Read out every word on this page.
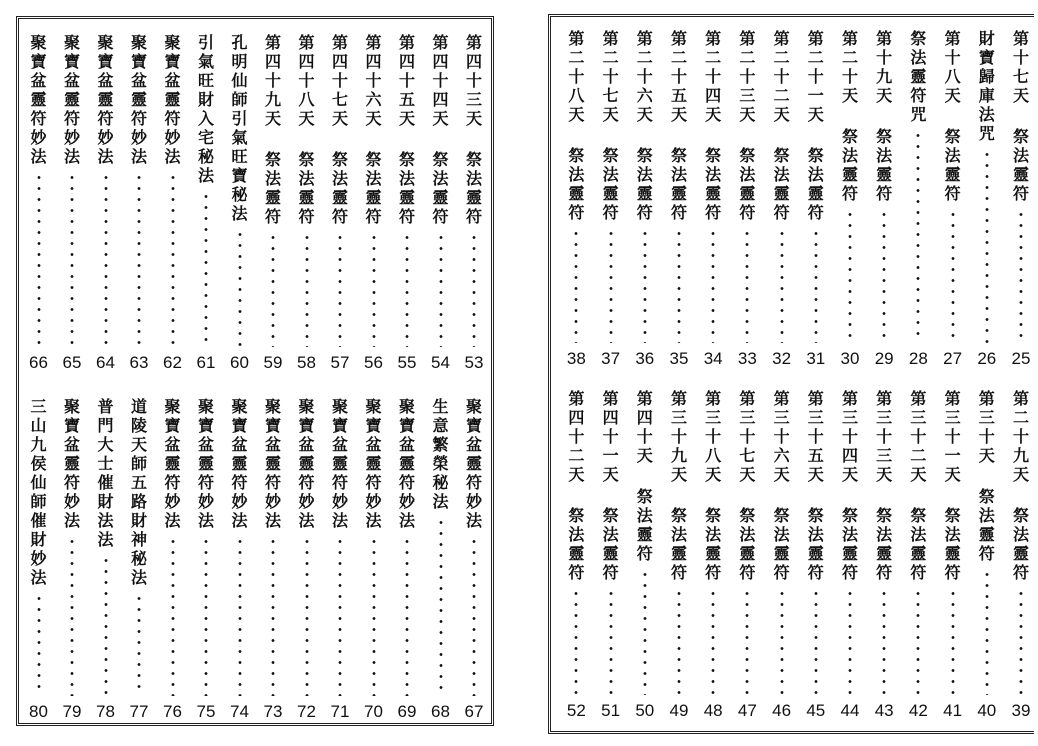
第
四
十
三
天
祭
法
靈
符
53
第
四
十
四
天
祭
法
靈
符
54
第
四
十
五
天
祭
法
靈
符
55
第
四
十
六
天
祭
法
靈
符
56
第
四
十
七
天
祭
法
靈
符
57
第
四
十
八
天
祭
法
靈
符
58
第
四
十
九
天
祭
法
靈
符
59
孔
明
仙
師
引
氣
旺
寶
秘
法
60
引
氣
旺
財
入
宅
秘
法
61
聚
寶
盆
靈
符
妙
法
62
聚
寶
盆
靈
符
妙
法
63
聚
寶
盆
靈
符
妙
法
64
聚
寶
盆
靈
符
妙
法
65
聚
寶
盆
靈
符
妙
法
66
聚
寶
盆
靈
符
妙
法
67
生
意
繁
榮
秘
法
68
聚
寶
盆
靈
符
妙
法
69
聚
寶
盆
靈
符
妙
法
70
聚
寶
盆
靈
符
妙
法
71
聚
寶
盆
靈
符
妙
法
72
聚
寶
盆
靈
符
妙
法
73
聚
寶
盆
靈
符
妙
法
74
聚
寶
盆
靈
符
妙
法
75
聚
寶
盆
靈
符
妙
法
76
道
陵
天
師
五
路
財
神
秘
法
77
普
門
大
士
催
財
法
法
78
聚
寶
盆
靈
符
妙
法
79
三
山
九
侯
仙
師
催
財
妙
法
80
第
十
七
天
祭
法
靈
符
25
財
寶
歸
庫
法
咒
26
第
十
八
天
祭
法
靈
符
27
祭
法
靈
符
咒
28
第
十
九
天
祭
法
靈
符
29
第
二
十
天
祭
法
靈
符
30
第
二
十
一
天
祭
法
靈
符
31
第
二
十
二
天
祭
法
靈
符
32
第
二
十
三
天
祭
法
靈
符
33
第
二
十
四
天
祭
法
靈
符
34
第
二
十
五
天
祭
法
靈
符
35
第
二
十
六
天
祭
法
靈
符
36
第
二
十
七
天
祭
法
靈
符
37
第
二
十
八
天
祭
法
靈
符
38
第
二
十
九
天
祭
法
靈
符
39
第
三
十
天
祭
法
靈
符
40
第
三
十
一
天
祭
法
靈
符
41
第
三
十
二
天
祭
法
靈
符
42
第
三
十
三
天
祭
法
靈
符
43
第
三
十
四
天
祭
法
靈
符
44
第
三
十
五
天
祭
法
靈
符
45
第
三
十
六
天
祭
法
靈
符
46
第
三
十
七
天
祭
法
靈
符
47
第
三
十
八
天
祭
法
靈
符
48
第
三
十
九
天
祭
法
靈
符
49
第
四
十
天
祭
法
靈
符
50
第
四
十
一
天
祭
法
靈
符
51
第
四
十
二
天
祭
法
靈
符
52
